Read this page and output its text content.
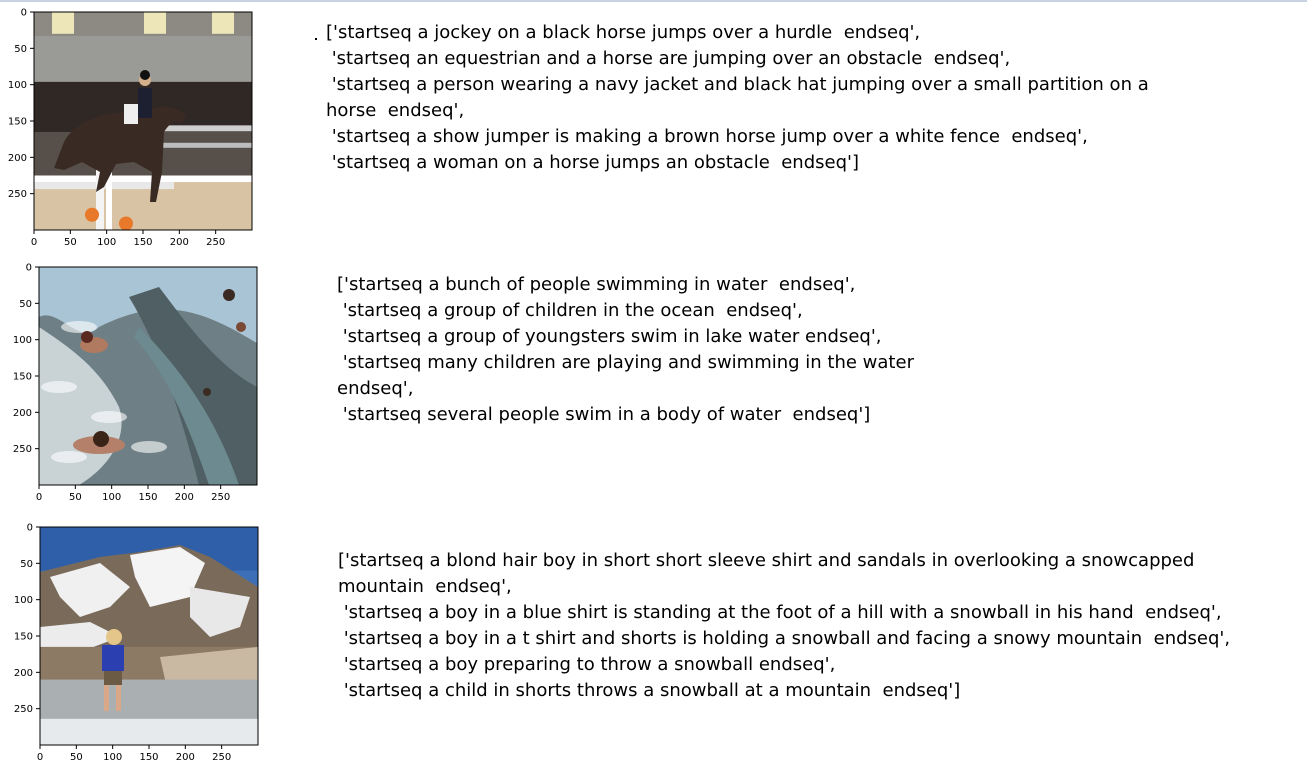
0	50 100 150 200 250
0
50
100
150
200
250
['startseq a jockey on a black horse jumps over a hurdle  endseq',
'startseq an equestrian and a horse are jumping over an obstacle  endseq',
'startseq a person wearing a navy jacket and black hat jumping over a small partition on a
horse  endseq',
'startseq a show jumper is making a brown horse jump over a white fence  endseq',
'startseq a woman on a horse jumps an obstacle  endseq']
0	50 100 150 200 250
0
50
100
150
200
250
['startseq a bunch of people swimming in water  endseq',
'startseq a group of children in the ocean  endseq',
'startseq a group of youngsters swim in lake water endseq',
'startseq many children are playing and swimming in the water
endseq',
'startseq several people swim in a body of water  endseq']
0	50 100 150 200 250
0
50
100
150
200
250
['startseq a blond hair boy in short short sleeve shirt and sandals in overlooking a snowcapped
mountain  endseq',
'startseq a boy in a blue shirt is standing at the foot of a hill with a snowball in his hand  endseq',
'startseq a boy in a t shirt and shorts is holding a snowball and facing a snowy mountain  endseq',
'startseq a boy preparing to throw a snowball endseq',
'startseq a child in shorts throws a snowball at a mountain  endseq']
